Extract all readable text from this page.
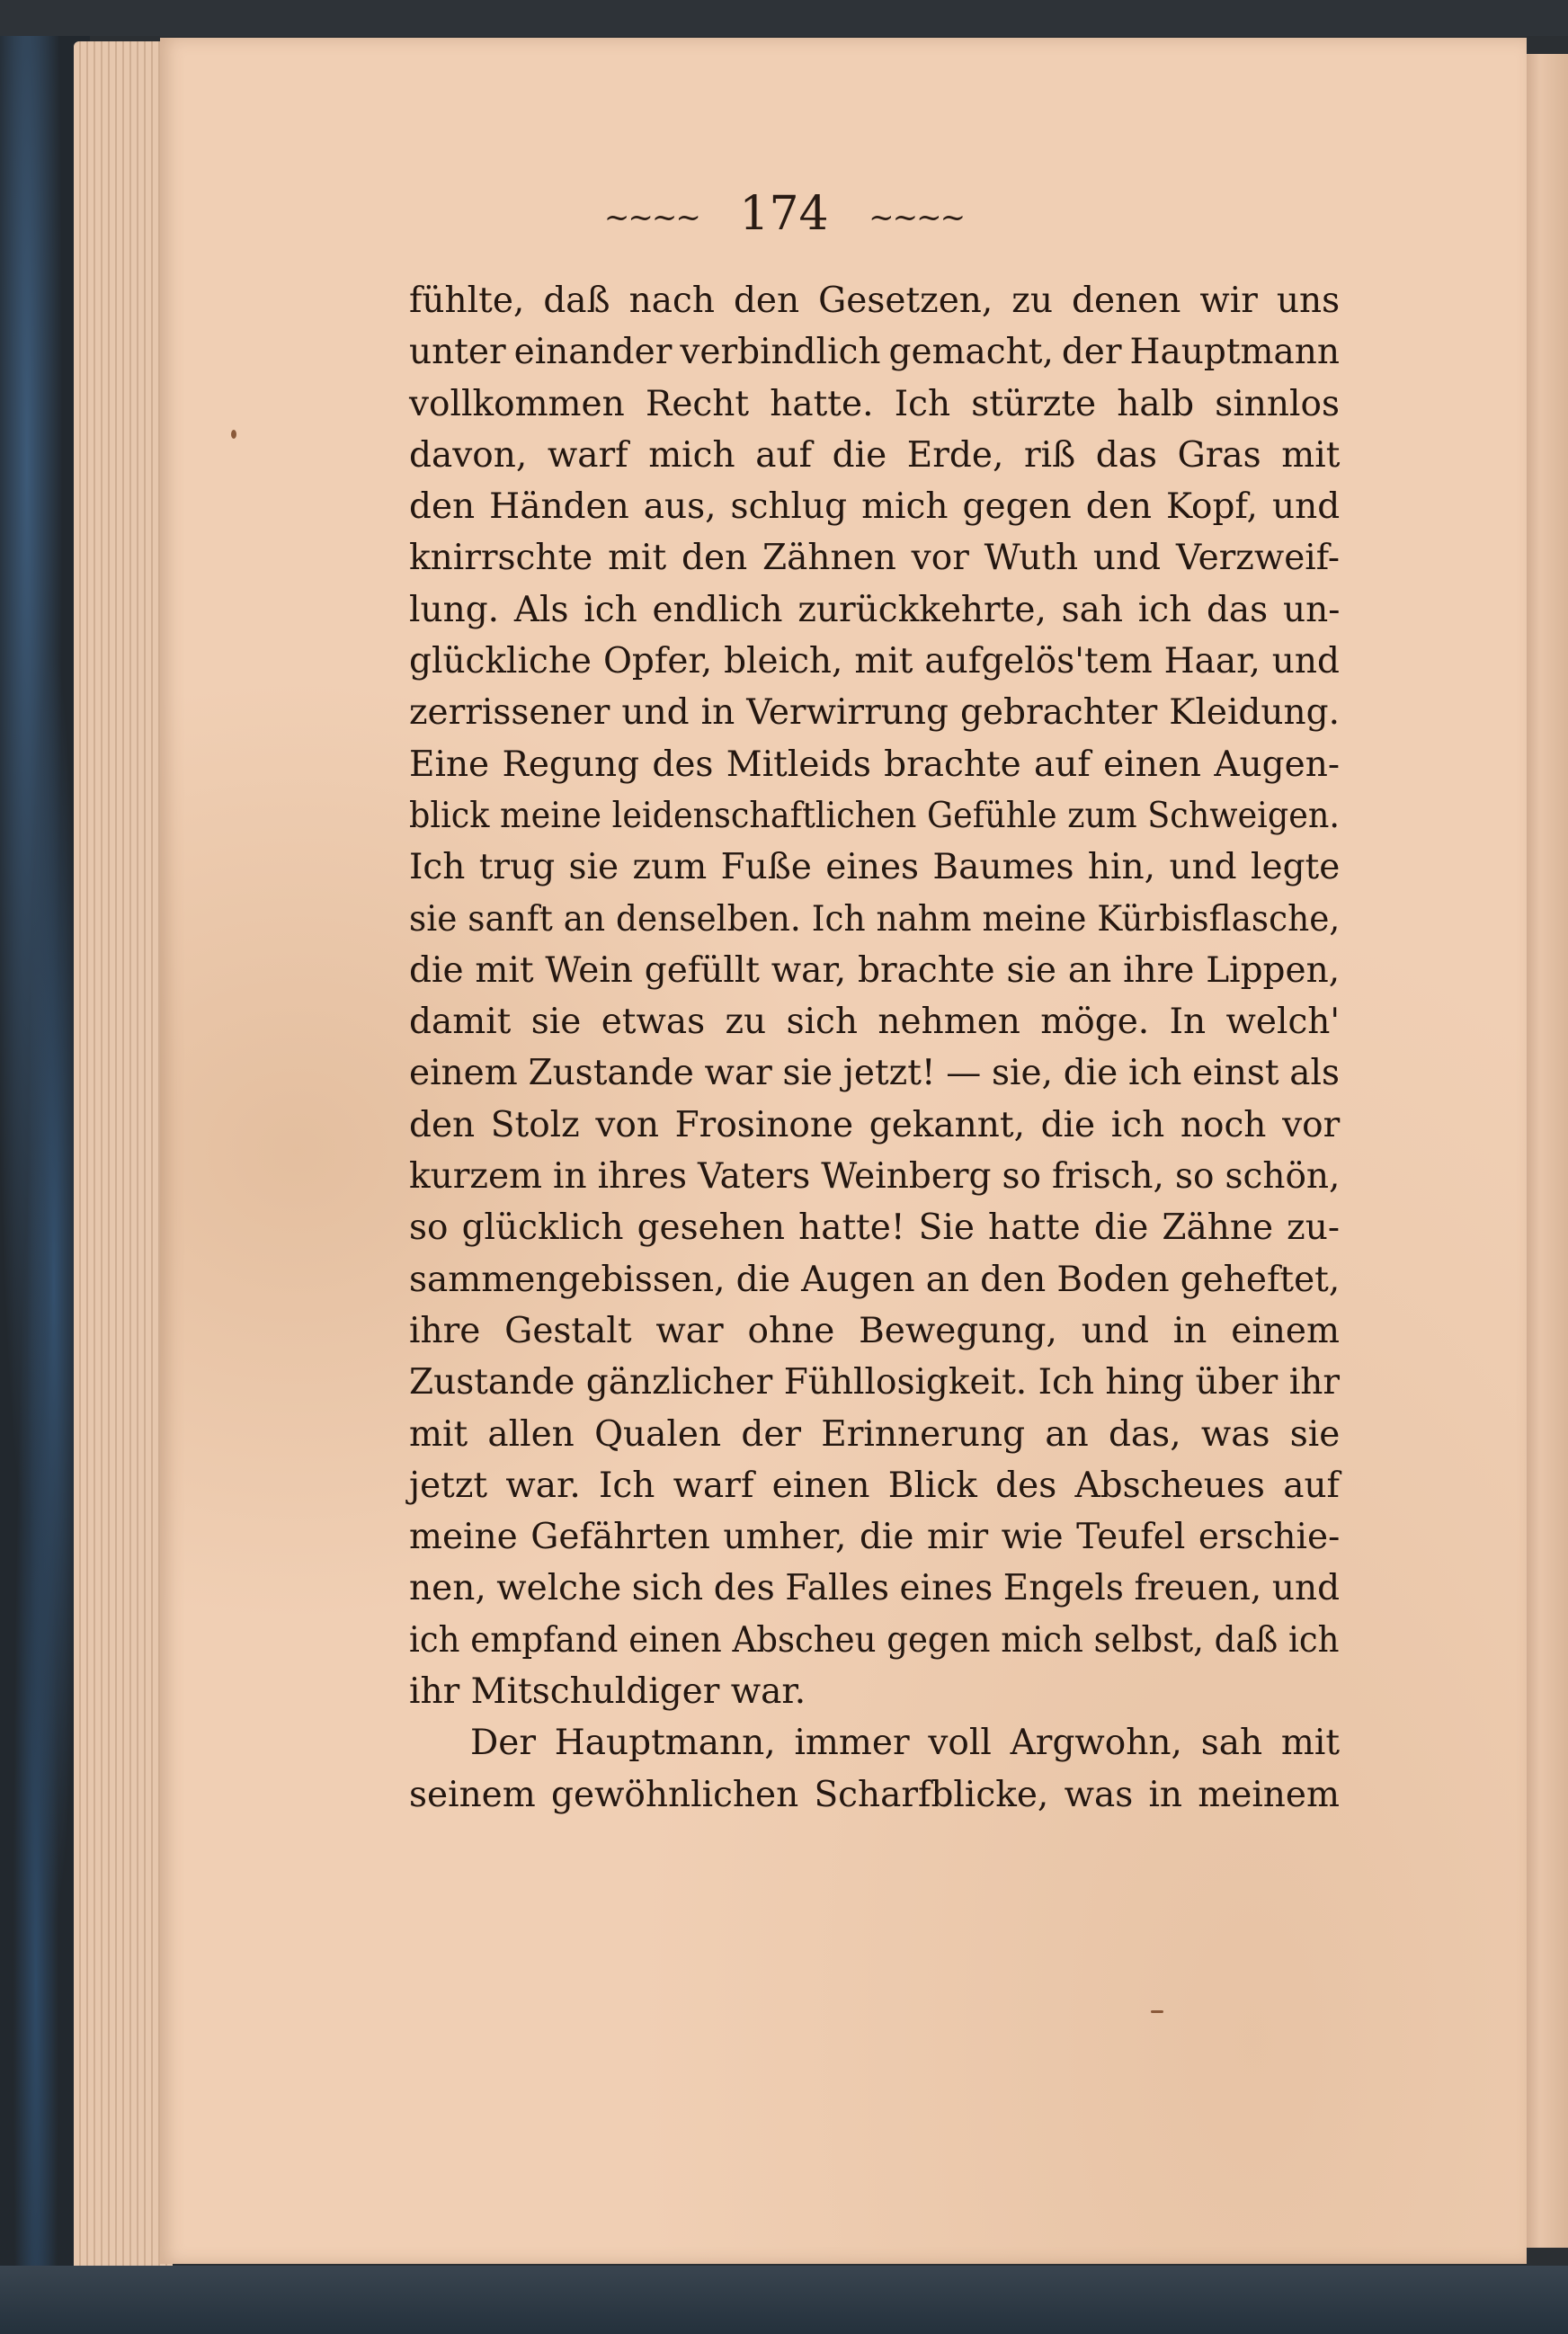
~~~~ 174 ~~~~
fühlte, daß nach den Gesetzen, zu denen wir uns
unter einander verbindlich gemacht, der Hauptmann
vollkommen Recht hatte. Ich stürzte halb sinnlos
davon, warf mich auf die Erde, riß das Gras mit
den Händen aus, schlug mich gegen den Kopf, und
knirrschte mit den Zähnen vor Wuth und Verzweif-
lung. Als ich endlich zurückkehrte, sah ich das un-
glückliche Opfer, bleich, mit aufgelös'tem Haar, und
zerrissener und in Verwirrung gebrachter Kleidung.
Eine Regung des Mitleids brachte auf einen Augen-
blick meine leidenschaftlichen Gefühle zum Schweigen.
Ich trug sie zum Fuße eines Baumes hin, und legte
sie sanft an denselben. Ich nahm meine Kürbisflasche,
die mit Wein gefüllt war, brachte sie an ihre Lippen,
damit sie etwas zu sich nehmen möge. In welch'
einem Zustande war sie jetzt! — sie, die ich einst als
den Stolz von Frosinone gekannt, die ich noch vor
kurzem in ihres Vaters Weinberg so frisch, so schön,
so glücklich gesehen hatte! Sie hatte die Zähne zu-
sammengebissen, die Augen an den Boden geheftet,
ihre Gestalt war ohne Bewegung, und in einem
Zustande gänzlicher Fühllosigkeit. Ich hing über ihr
mit allen Qualen der Erinnerung an das, was sie
jetzt war. Ich warf einen Blick des Abscheues auf
meine Gefährten umher, die mir wie Teufel erschie-
nen, welche sich des Falles eines Engels freuen, und
ich empfand einen Abscheu gegen mich selbst, daß ich
ihr Mitschuldiger war.
Der Hauptmann, immer voll Argwohn, sah mit
seinem gewöhnlichen Scharfblicke, was in meinem
